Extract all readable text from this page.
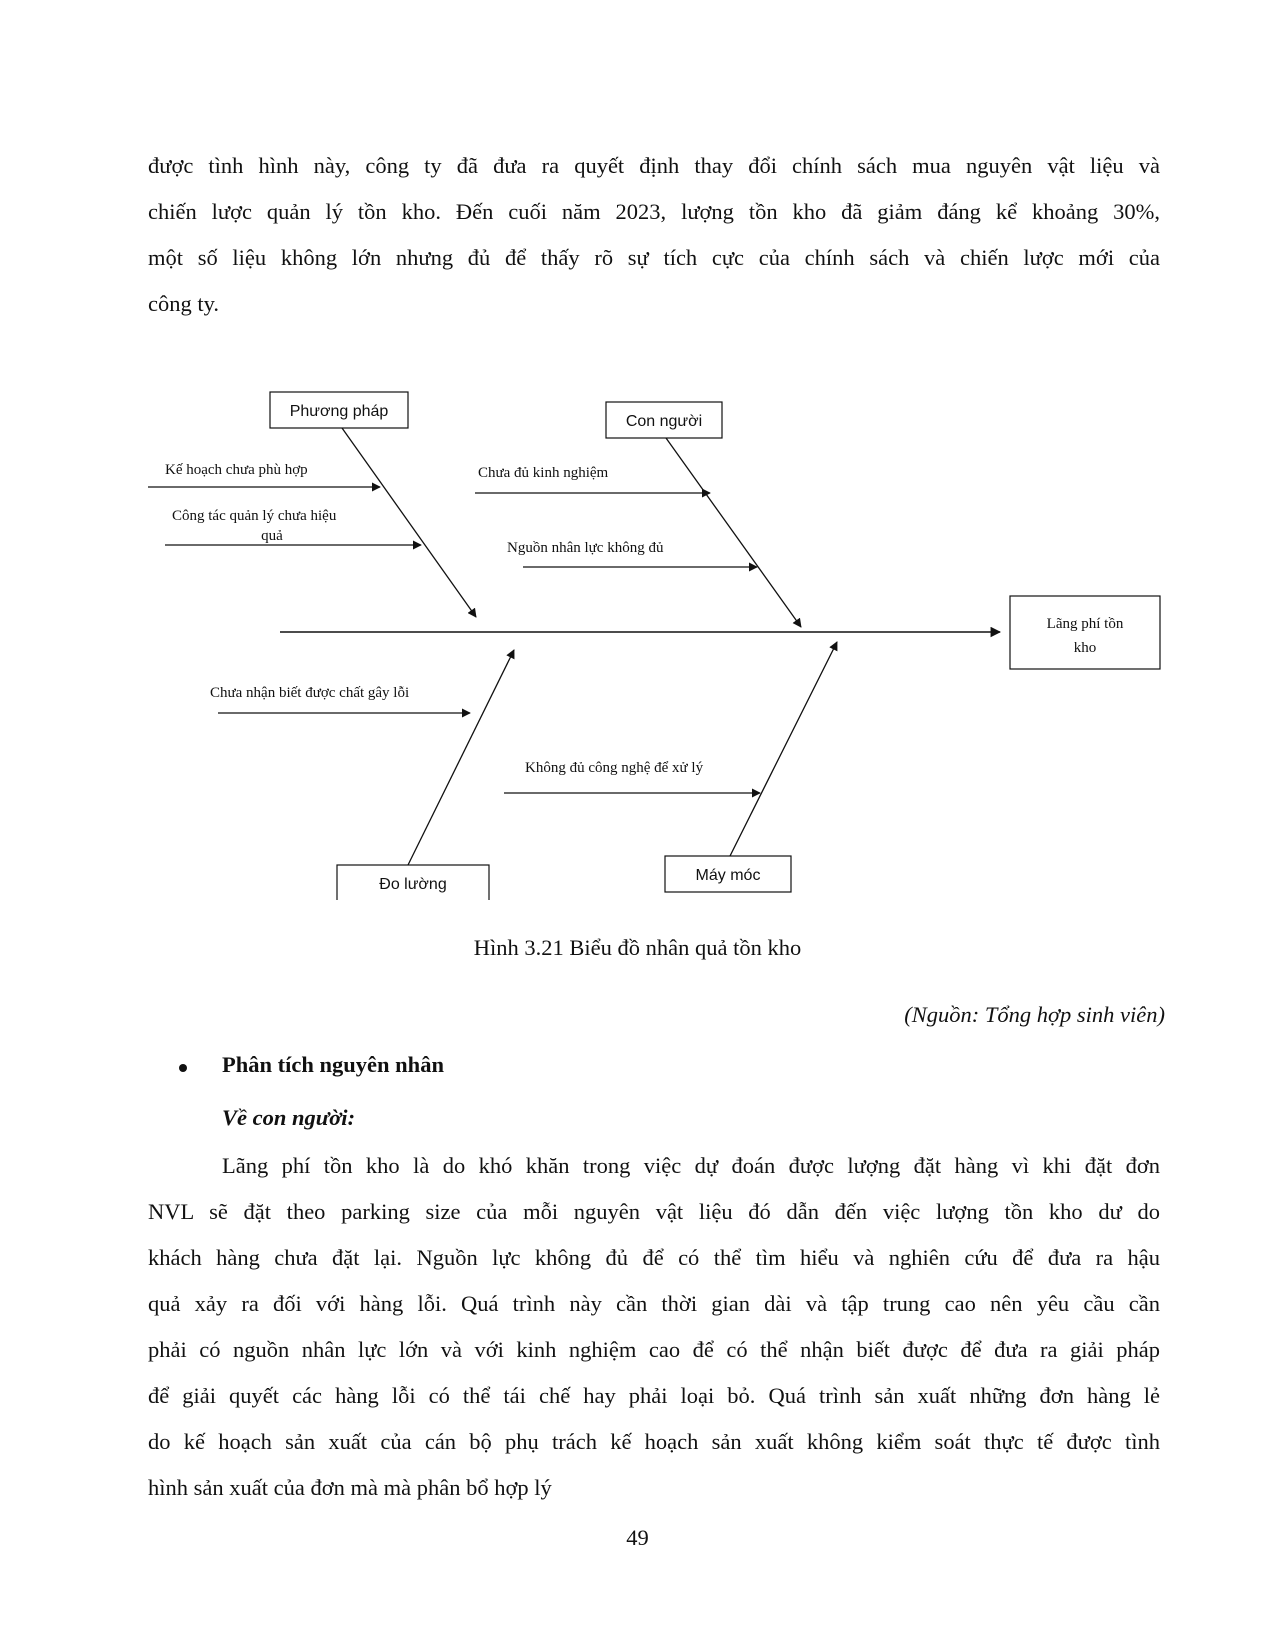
được tình hình này, công ty đã đưa ra quyết định thay đổi chính sách mua nguyên vật liệu và
chiến lược quản lý tồn kho. Đến cuối năm 2023, lượng tồn kho đã giảm đáng kể khoảng 30%,
một số liệu không lớn nhưng đủ để thấy rõ sự tích cực của chính sách và chiến lược mới của
công ty.
Lãng phí tồn
kho
Phương pháp
Kế hoạch chưa phù hợp
Công tác quản lý chưa hiệu
quả
Con người
Chưa đủ kinh nghiệm
Nguồn nhân lực không đủ
Đo lường
Chưa nhận biết được chất gây lỗi
Máy móc
Không đủ công nghệ để xử lý
Hình 3.21 Biểu đồ nhân quả tồn kho
(Nguồn: Tổng hợp sinh viên)
Phân tích nguyên nhân
Về con người:
Lãng phí tồn kho là do khó khăn trong việc dự đoán được lượng đặt hàng vì khi đặt đơn
NVL sẽ đặt theo parking size của mỗi nguyên vật liệu đó dẫn đến việc lượng tồn kho dư do
khách hàng chưa đặt lại. Nguồn lực không đủ để có thể tìm hiểu và nghiên cứu để đưa ra hậu
quả xảy ra đối với hàng lỗi. Quá trình này cần thời gian dài và tập trung cao nên yêu cầu cần
phải có nguồn nhân lực lớn và với kinh nghiệm cao để có thể nhận biết được để đưa ra giải pháp
để giải quyết các hàng lỗi có thể tái chế hay phải loại bỏ. Quá trình sản xuất những đơn hàng lẻ
do kế hoạch sản xuất của cán bộ phụ trách kế hoạch sản xuất không kiểm soát thực tế được tình
hình sản xuất của đơn mà mà phân bổ hợp lý
49
